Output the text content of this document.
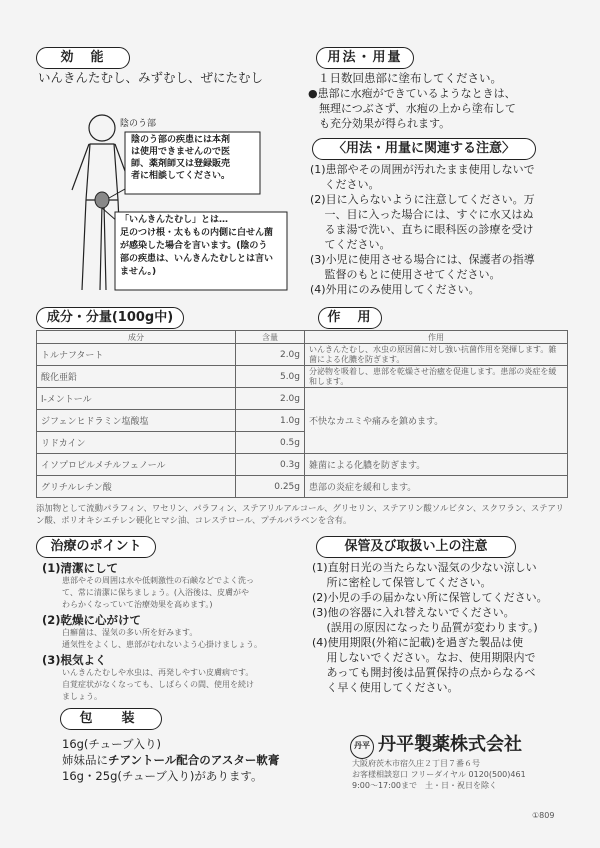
効　能
いんきんたむし、みずむし、ぜにたむし
陰のう部
陰のう部の疾患には本剤
は使用できませんので医
師、薬剤師又は登録販売
者に相談してください。
「いんきんたむし」とは…
足のつけ根・太ももの内側に白せん菌
が感染した場合を言います。(陰のう
部の疾患は、いんきんたむしとは言い
ません。)
用法・用量
１日数回患部に塗布してください。
●患部に水疱ができているようなときは、
　無理につぶさず、水疱の上から塗布して
　も充分効果が得られます。
〈用法・用量に関連する注意〉
(1)患部やその周囲が汚れたまま使用しないで
　 ください。
(2)目に入らないように注意してください。万
　 一、目に入った場合には、すぐに水又はぬ
　 るま湯で洗い、直ちに眼科医の診療を受け
　 てください。
(3)小児に使用させる場合には、保護者の指導
　 監督のもとに使用させてください。
(4)外用にのみ使用してください。
成分・分量(100g中)	作　用
成分	含量	作用
トルナフタート	2.0g	いんきんたむし、水虫の原因菌に対し強い抗菌作用を発揮します。雑菌による化膿を防ぎます。
酸化亜鉛	5.0g	分泌物を吸着し、患部を乾燥させ治癒を促進します。患部の炎症を緩和します。
l-メントール	2.0g	不快なカユミや痛みを鎮めます。
ジフェンヒドラミン塩酸塩	1.0g	
リドカイン	0.5g	
イソプロピルメチルフェノール	0.3g	雑菌による化膿を防ぎます。
グリチルレチン酸	0.25g	患部の炎症を緩和します。
添加物として流動パラフィン、ワセリン、パラフィン、ステアリルアルコール、グリセリン、ステアリン酸ソルビタン、スクワラン、ステアリン酸、ポリオキシエチレン硬化ヒマシ油、コレステロール、プチルパラベンを含有。
治療のポイント
(1)清潔にして
患部やその周囲は水や低刺激性の石鹸などでよく洗っ
て、常に清潔に保ちましょう。(入浴後は、皮膚がや
わらかくなっていて治療効果を高めます。)
(2)乾燥に心がけて
白癬菌は、湿気の多い所を好みます。
通気性をよくし、患部がむれないよう心掛けましょう。
(3)根気よく
いんきんたむしや水虫は、再発しやすい皮膚病です。
自覚症状がなくなっても、しばらくの間、使用を続け
ましょう。
保管及び取扱い上の注意
(1)直射日光の当たらない湿気の少ない涼しい
　 所に密栓して保管してください。
(2)小児の手の届かない所に保管してください。
(3)他の容器に入れ替えないでください。
　 (誤用の原因になったり品質が変わります。)
(4)使用期限(外箱に記載)を過ぎた製品は使
　 用しないでください。なお、使用期限内で
　 あっても開封後は品質保持の点からなるべ
　 く早く使用してください。
包　装
16g(チューブ入り)
姉妹品にチアントール配合のアスター軟膏
16g・25g(チューブ入り)があります。
丹平 丹平製薬株式会社
大阪府茨木市宿久庄２丁目７番６号
お客様相談窓口 フリーダイヤル 0120(500)461
9:00～17:00まで　土・日・祝日を除く
①809
